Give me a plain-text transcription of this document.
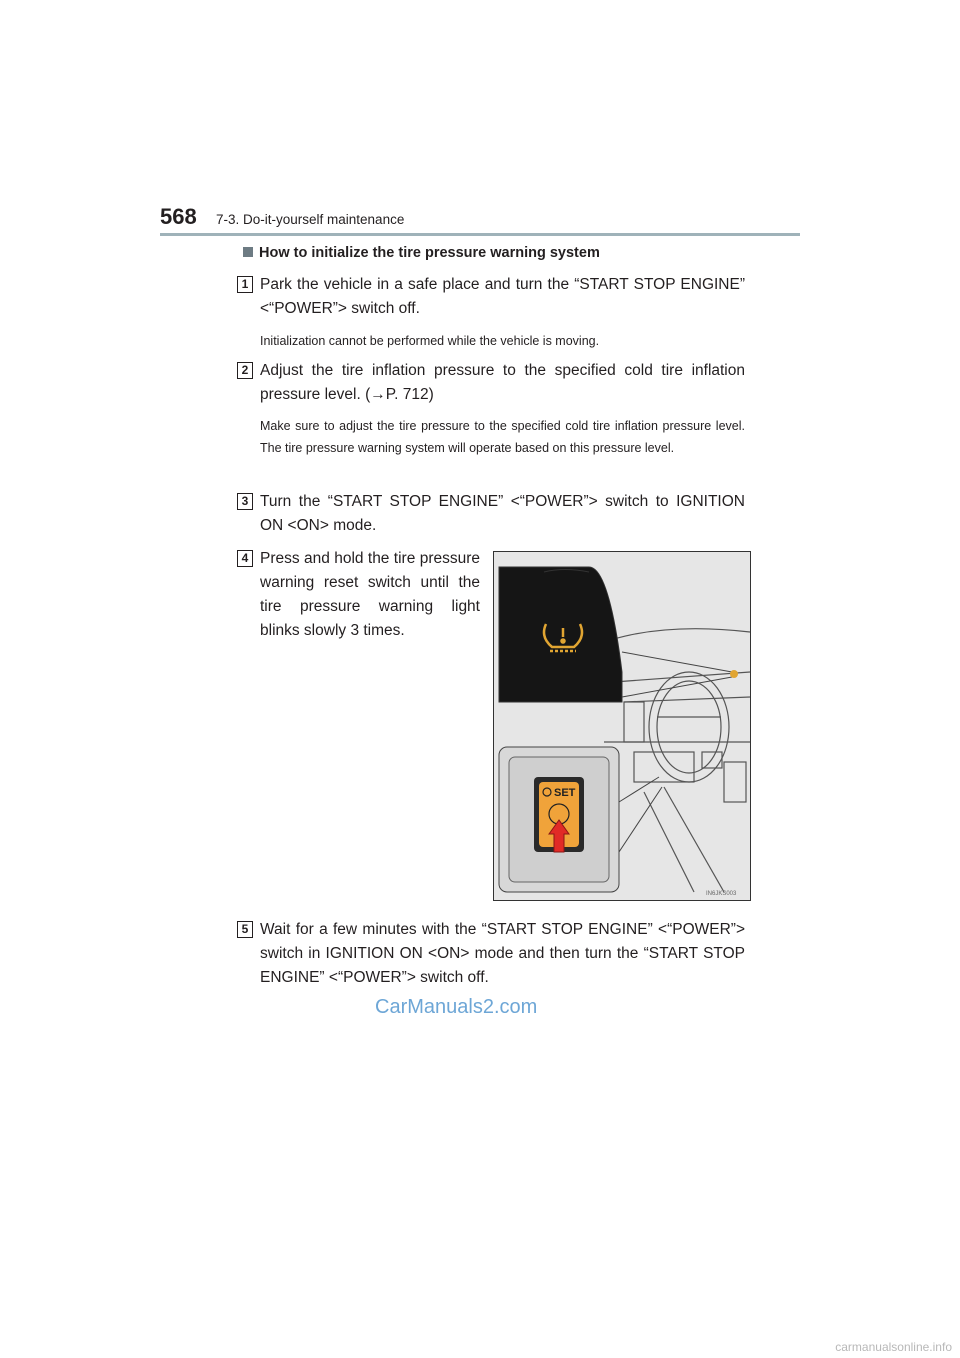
568 7-3. Do-it-yourself maintenance
How to initialize the tire pressure warning system
1 Park the vehicle in a safe place and turn the “START STOP ENGINE” <“POWER”> switch off.
Initialization cannot be performed while the vehicle is moving.
2 Adjust the tire inflation pressure to the specified cold tire inflation pressure level. (→P. 712)
Make sure to adjust the tire pressure to the specified cold tire inflation pressure level. The tire pressure warning system will operate based on this pressure level.
3 Turn the “START STOP ENGINE” <“POWER”> switch to IGNITION ON <ON> mode.
4 Press and hold the tire pressure warning reset switch until the tire pressure warning light blinks slowly 3 times.
SET
IN6JKS003
5 Wait for a few minutes with the “START STOP ENGINE” <“POWER”> switch in IGNITION ON <ON> mode and then turn the “START STOP ENGINE” <“POWER”> switch off.
CarManuals2.com
carmanualsonline.info
